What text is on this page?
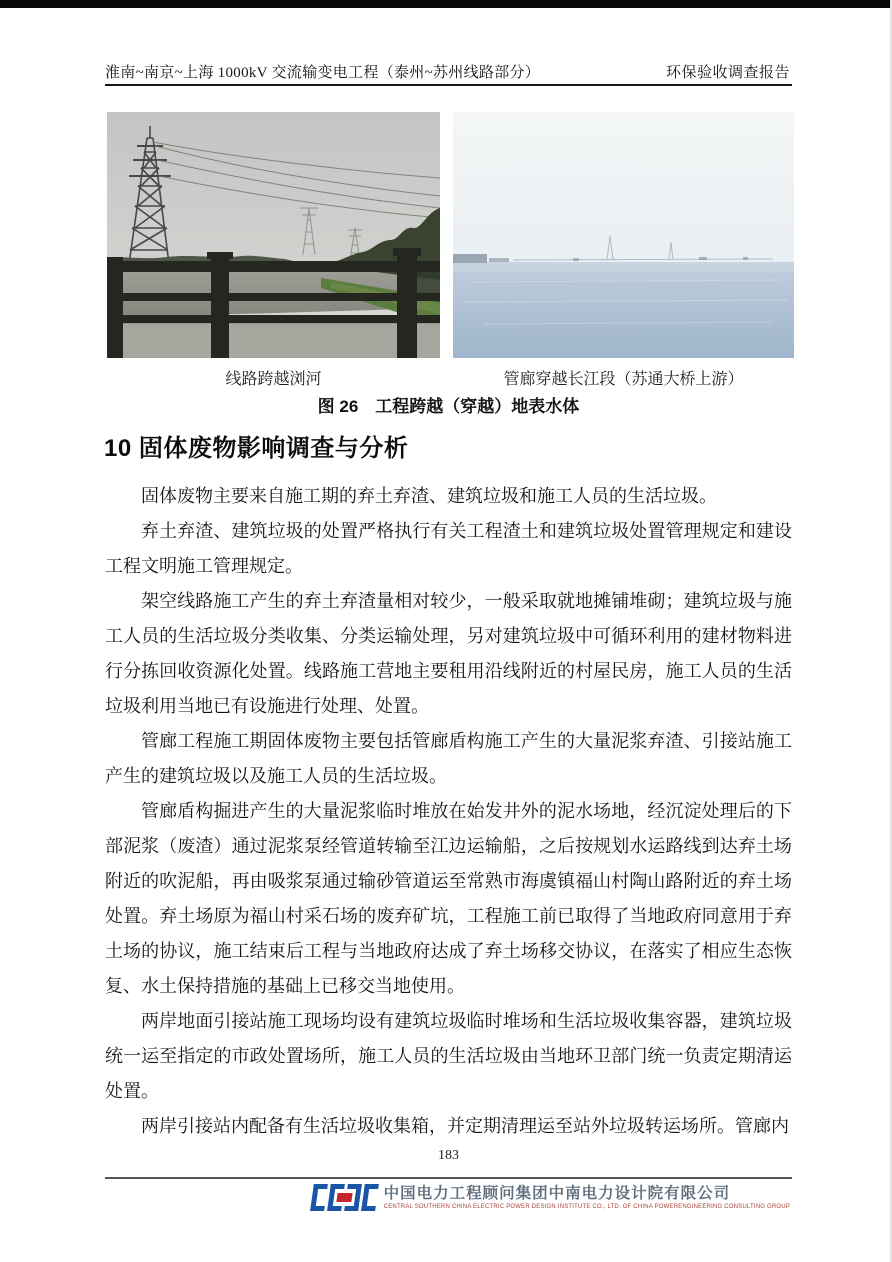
淮南~南京~上海 1000kV 交流输变电工程（泰州~苏州线路部分）	环保验收调查报告
线路跨越浏河	管廊穿越长江段（苏通大桥上游）
图 26　工程跨越（穿越）地表水体
10 固体废物影响调查与分析

固体废物主要来自施工期的弃土弃渣、建筑垃圾和施工人员的生活垃圾。

弃土弃渣、建筑垃圾的处置严格执行有关工程渣土和建筑垃圾处置管理规定和建设工程文明施工管理规定。

架空线路施工产生的弃土弃渣量相对较少，一般采取就地摊铺堆砌；建筑垃圾与施工人员的生活垃圾分类收集、分类运输处理，另对建筑垃圾中可循环利用的建材物料进行分拣回收资源化处置。线路施工营地主要租用沿线附近的村屋民房，施工人员的生活垃圾利用当地已有设施进行处理、处置。

管廊工程施工期固体废物主要包括管廊盾构施工产生的大量泥浆弃渣、引接站施工产生的建筑垃圾以及施工人员的生活垃圾。

管廊盾构掘进产生的大量泥浆临时堆放在始发井外的泥水场地，经沉淀处理后的下部泥浆（废渣）通过泥浆泵经管道转输至江边运输船，之后按规划水运路线到达弃土场附近的吹泥船，再由吸浆泵通过输砂管道运至常熟市海虞镇福山村陶山路附近的弃土场处置。弃土场原为福山村采石场的废弃矿坑，工程施工前已取得了当地政府同意用于弃土场的协议，施工结束后工程与当地政府达成了弃土场移交协议，在落实了相应生态恢复、水土保持措施的基础上已移交当地使用。

两岸地面引接站施工现场均设有建筑垃圾临时堆场和生活垃圾收集容器，建筑垃圾统一运至指定的市政处置场所，施工人员的生活垃圾由当地环卫部门统一负责定期清运处置。

两岸引接站内配备有生活垃圾收集箱，并定期清理运至站外垃圾转运场所。管廊内

183
中国电力工程顾问集团中南电力设计院有限公司
CENTRAL SOUTHERN CHINA ELECTRIC POWER DESIGN INSTITUTE CO., LTD. OF CHINA POWERENGINEERING CONSULTING GROUP
